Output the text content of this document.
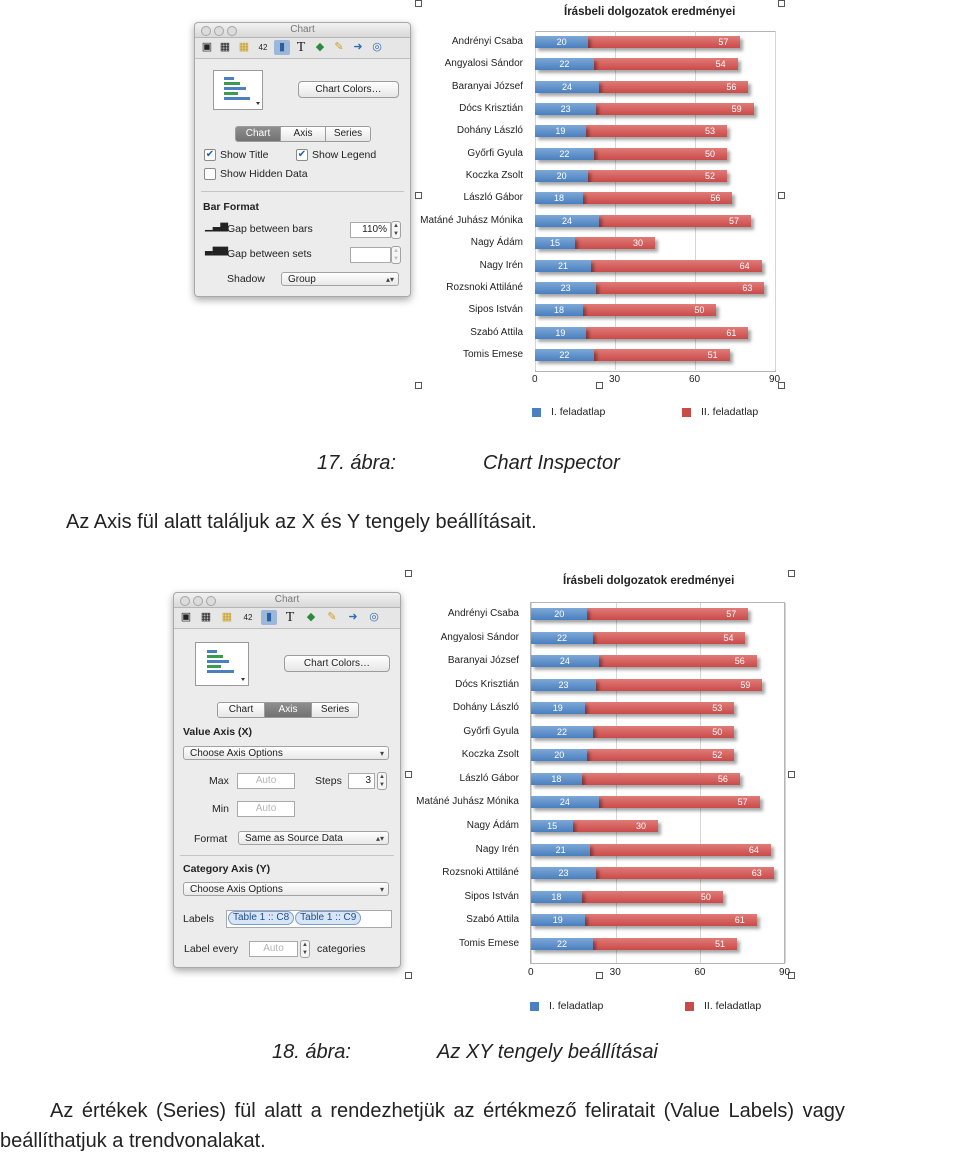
Chart
▣ ▦ ▦	42	▮ T ◆ ✎ ➜ ◎
Chart Colors…
Chart	Axis	Series
✔ Show Title	✔ Show Legend
Show Hidden Data
Bar Format
▁▃▆
Gap between bars	110%	▲
▼
▃▆▆
Gap between sets	▲
▼
Shadow	Group	▴▾
Írásbeli dolgozatok eredményei
0	30	60	90
Andrényi Csaba	20	57
Angyalosi Sándor	22	54
Baranyai József	24	56
Dócs Krisztián	23	59
Dohány László	19	53
Győrfi Gyula	22	50
Koczka Zsolt	20	52
László Gábor	18	56
Matáné Juhász Mónika	24	57
Nagy Ádám	15	30
Nagy Irén	21	64
Rozsnoki Attiláné	23	63
Sipos István	18	50
Szabó Attila	19	61
Tomis Emese	22	51
I. feladatlap	II. feladatlap
17. ábra:	Chart Inspector
Az Axis fül alatt találjuk az X és Y tengely beállításait.
Chart
▣ ▦ ▦	42	▮ T	◆	✎	➜	◎
Chart Colors…
Chart	Axis	Series
Value Axis (X)
Choose Axis Options	▾
Max	Auto	Steps	3	▲
▼
Min	Auto
Format	Same as Source Data	▴▾
Category Axis (Y)
Choose Axis Options	▾
Labels	Table 1 :: C8 Table 1 :: C9
Label every	Auto	▲
▼ categories
Írásbeli dolgozatok eredményei
0	30	60	90
Andrényi Csaba	20	57
Angyalosi Sándor	22	54
Baranyai József	24	56
Dócs Krisztián	23	59
Dohány László	19	53
Győrfi Gyula	22	50
Koczka Zsolt	20	52
László Gábor	18	56
Matáné Juhász Mónika	24	57
Nagy Ádám	15	30
Nagy Irén	21	64
Rozsnoki Attiláné	23	63
Sipos István	18	50
Szabó Attila	19	61
Tomis Emese	22	51
I. feladatlap	II. feladatlap
18. ábra:	Az XY tengely beállításai
Az értékek (Series) fül alatt a rendezhetjük az értékmező feliratait (Value Labels) vagy
beállíthatjuk a trendvonalakat.
